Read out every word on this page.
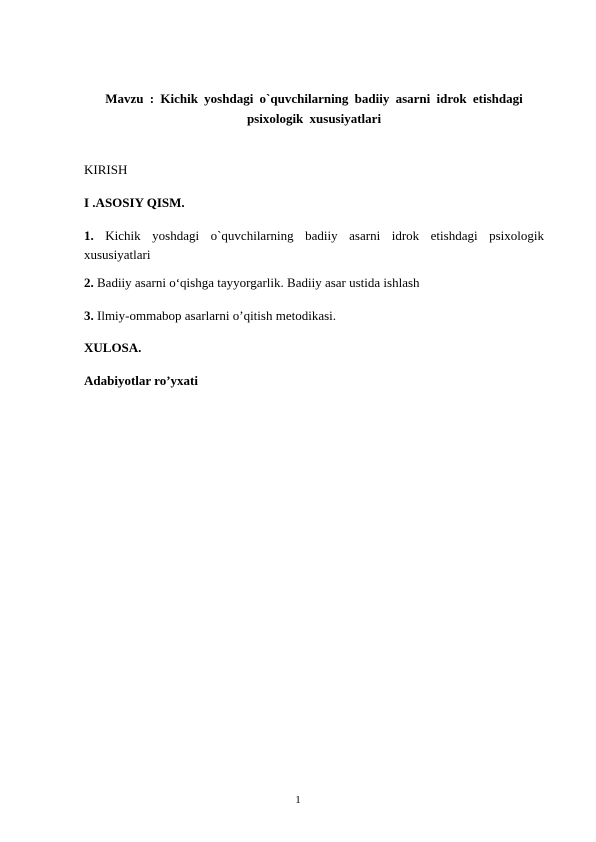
Mavzu : Kichik yoshdagi o`quvchilarning badiiy asarni idrok etishdagi
psixologik xususiyatlari
KIRISH
I .ASOSIY QISM.
1. Kichik yoshdagi o`quvchilarning badiiy asarni idrok etishdagi psixologik
xususiyatlari
2. Badiiy asarni o‘qishga tayyorgarlik. Badiiy asar ustida ishlash
3. Ilmiy-ommabop asarlarni o’qitish metodikasi.
XULOSA.
Adabiyotlar ro’yxati
1
